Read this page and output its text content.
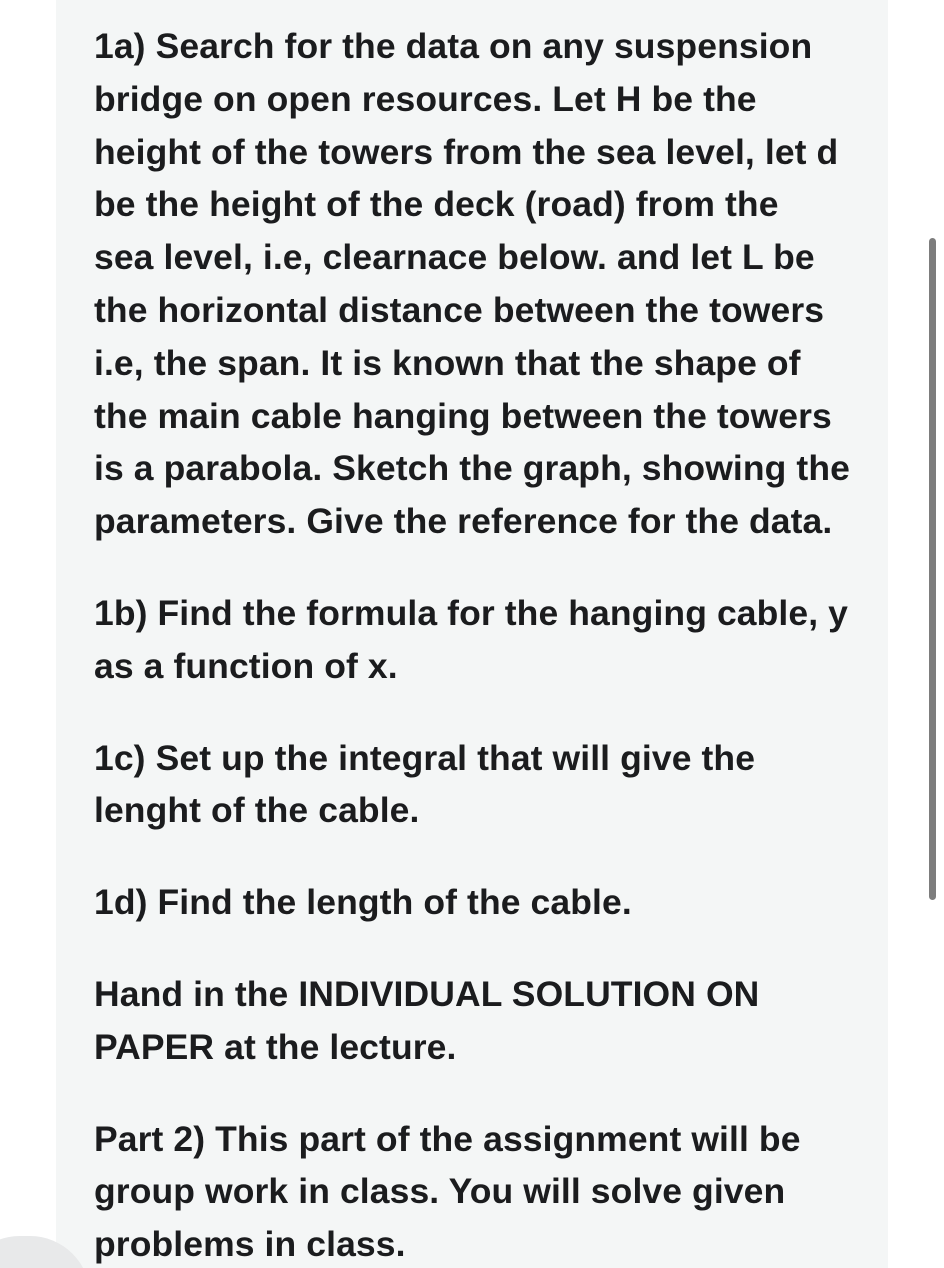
1a) Search for the data on any suspension
bridge on open resources. Let H be the
height of the towers from the sea level, let d
be the height of the deck (road) from the
sea level, i.e, clearnace below. and let L be
the horizontal distance between the towers
i.e, the span. It is known that the shape of
the main cable hanging between the towers
is a parabola. Sketch the graph, showing the
parameters. Give the reference for the data.
1b) Find the formula for the hanging cable, y
as a function of x.
1c) Set up the integral that will give the
lenght of the cable.
1d) Find the length of the cable.
Hand in the INDIVIDUAL SOLUTION ON
PAPER at the lecture.
Part 2) This part of the assignment will be
group work in class. You will solve given
problems in class.
